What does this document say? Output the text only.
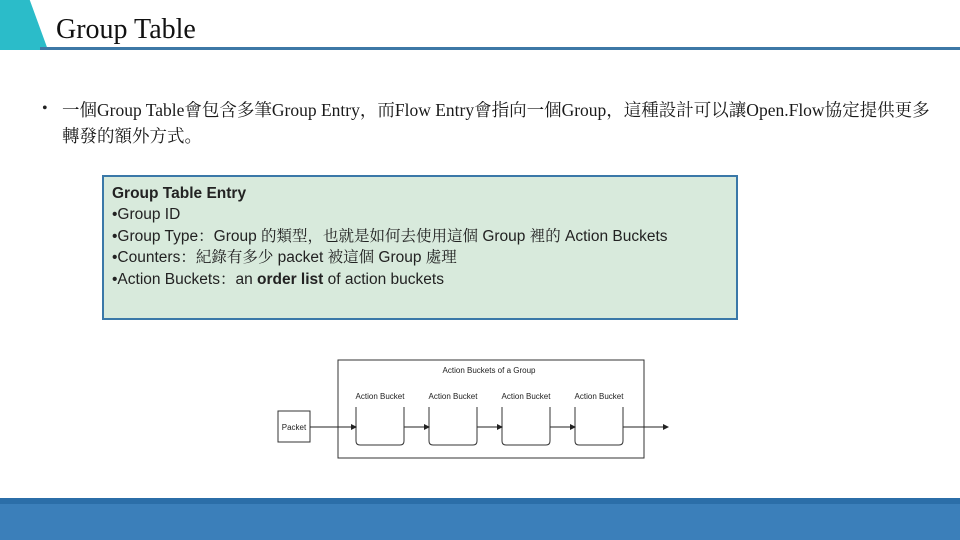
Group Table
• 一個Group Table會包含多筆Group Entry，而Flow Entry會指向一個Group，這種設計可以讓Open.Flow協定提供更多轉發的額外方式。
Group Table Entry
•Group ID
•Group Type：Group 的類型，也就是如何去使用這個 Group 裡的 Action Buckets
•Counters：紀錄有多少 packet 被這個 Group 處理
•Action Buckets：an order list of action buckets
Action Buckets of a Group
Packet
Action Bucket	Action Bucket	Action Bucket	Action Bucket
